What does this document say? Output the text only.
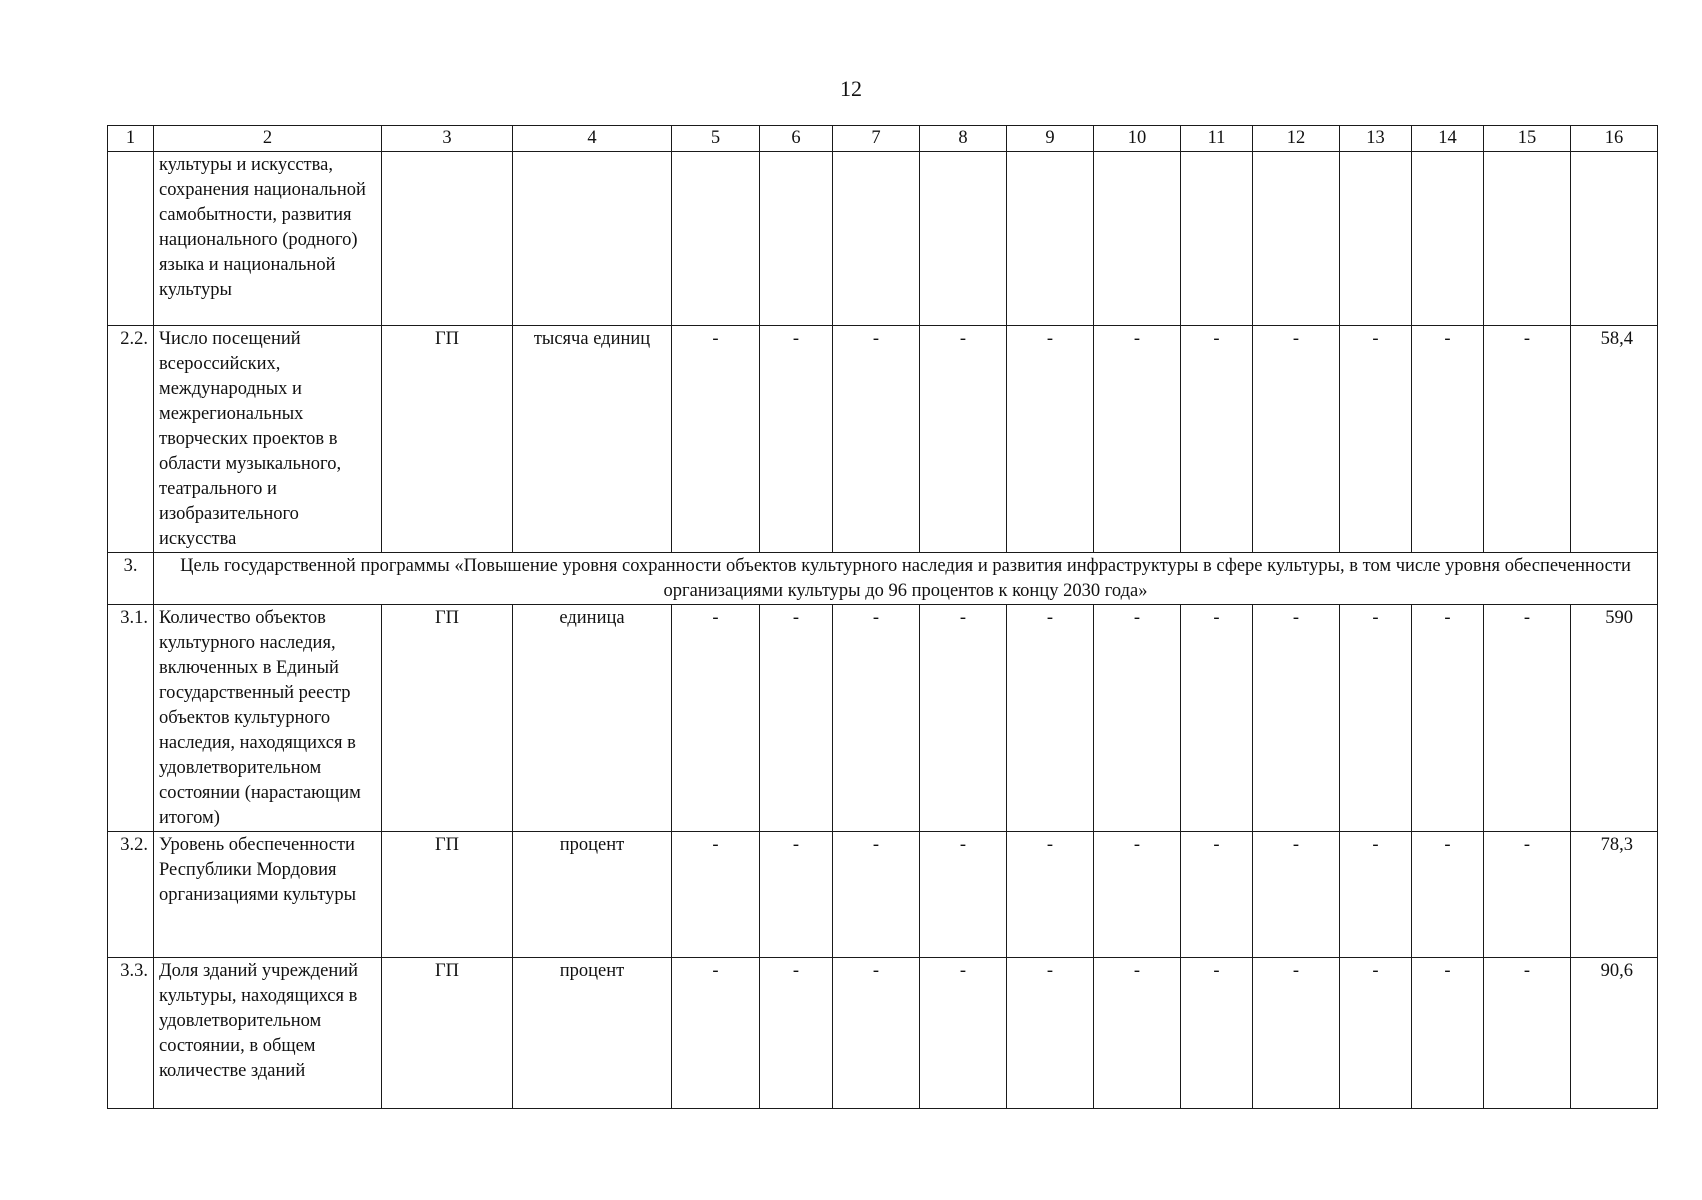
12
1	2	3	4	5	6	7	8	9	10	11	12	13	14	15	16
	культуры и искусства, сохранения национальной самобытности, развития национального (родного) языка и национальной культуры														
2.2.	Число посещений всероссийских, международных и межрегиональных творческих проектов в области музыкального, театрального и изобразительного искусства	ГП	тысяча единиц	-	-	-	-	-	-	-	-	-	-	-	58,4
3.	Цель государственной программы «Повышение уровня сохранности объектов культурного наследия и развития инфраструктуры в сфере культуры, в том числе уровня обеспеченности организациями культуры до 96 процентов к концу 2030 года»														
3.1.	Количество объектов культурного наследия, включенных в Единый государственный реестр объектов культурного наследия, находящихся в удовлетворительном состоянии (нарастающим итогом)	ГП	единица	-	-	-	-	-	-	-	-	-	-	-	590
3.2.	Уровень обеспеченности Республики Мордовия организациями культуры	ГП	процент	-	-	-	-	-	-	-	-	-	-	-	78,3
3.3.	Доля зданий учреждений культуры, находящихся в удовлетворительном состоянии, в общем количестве зданий	ГП	процент	-	-	-	-	-	-	-	-	-	-	-	90,6
